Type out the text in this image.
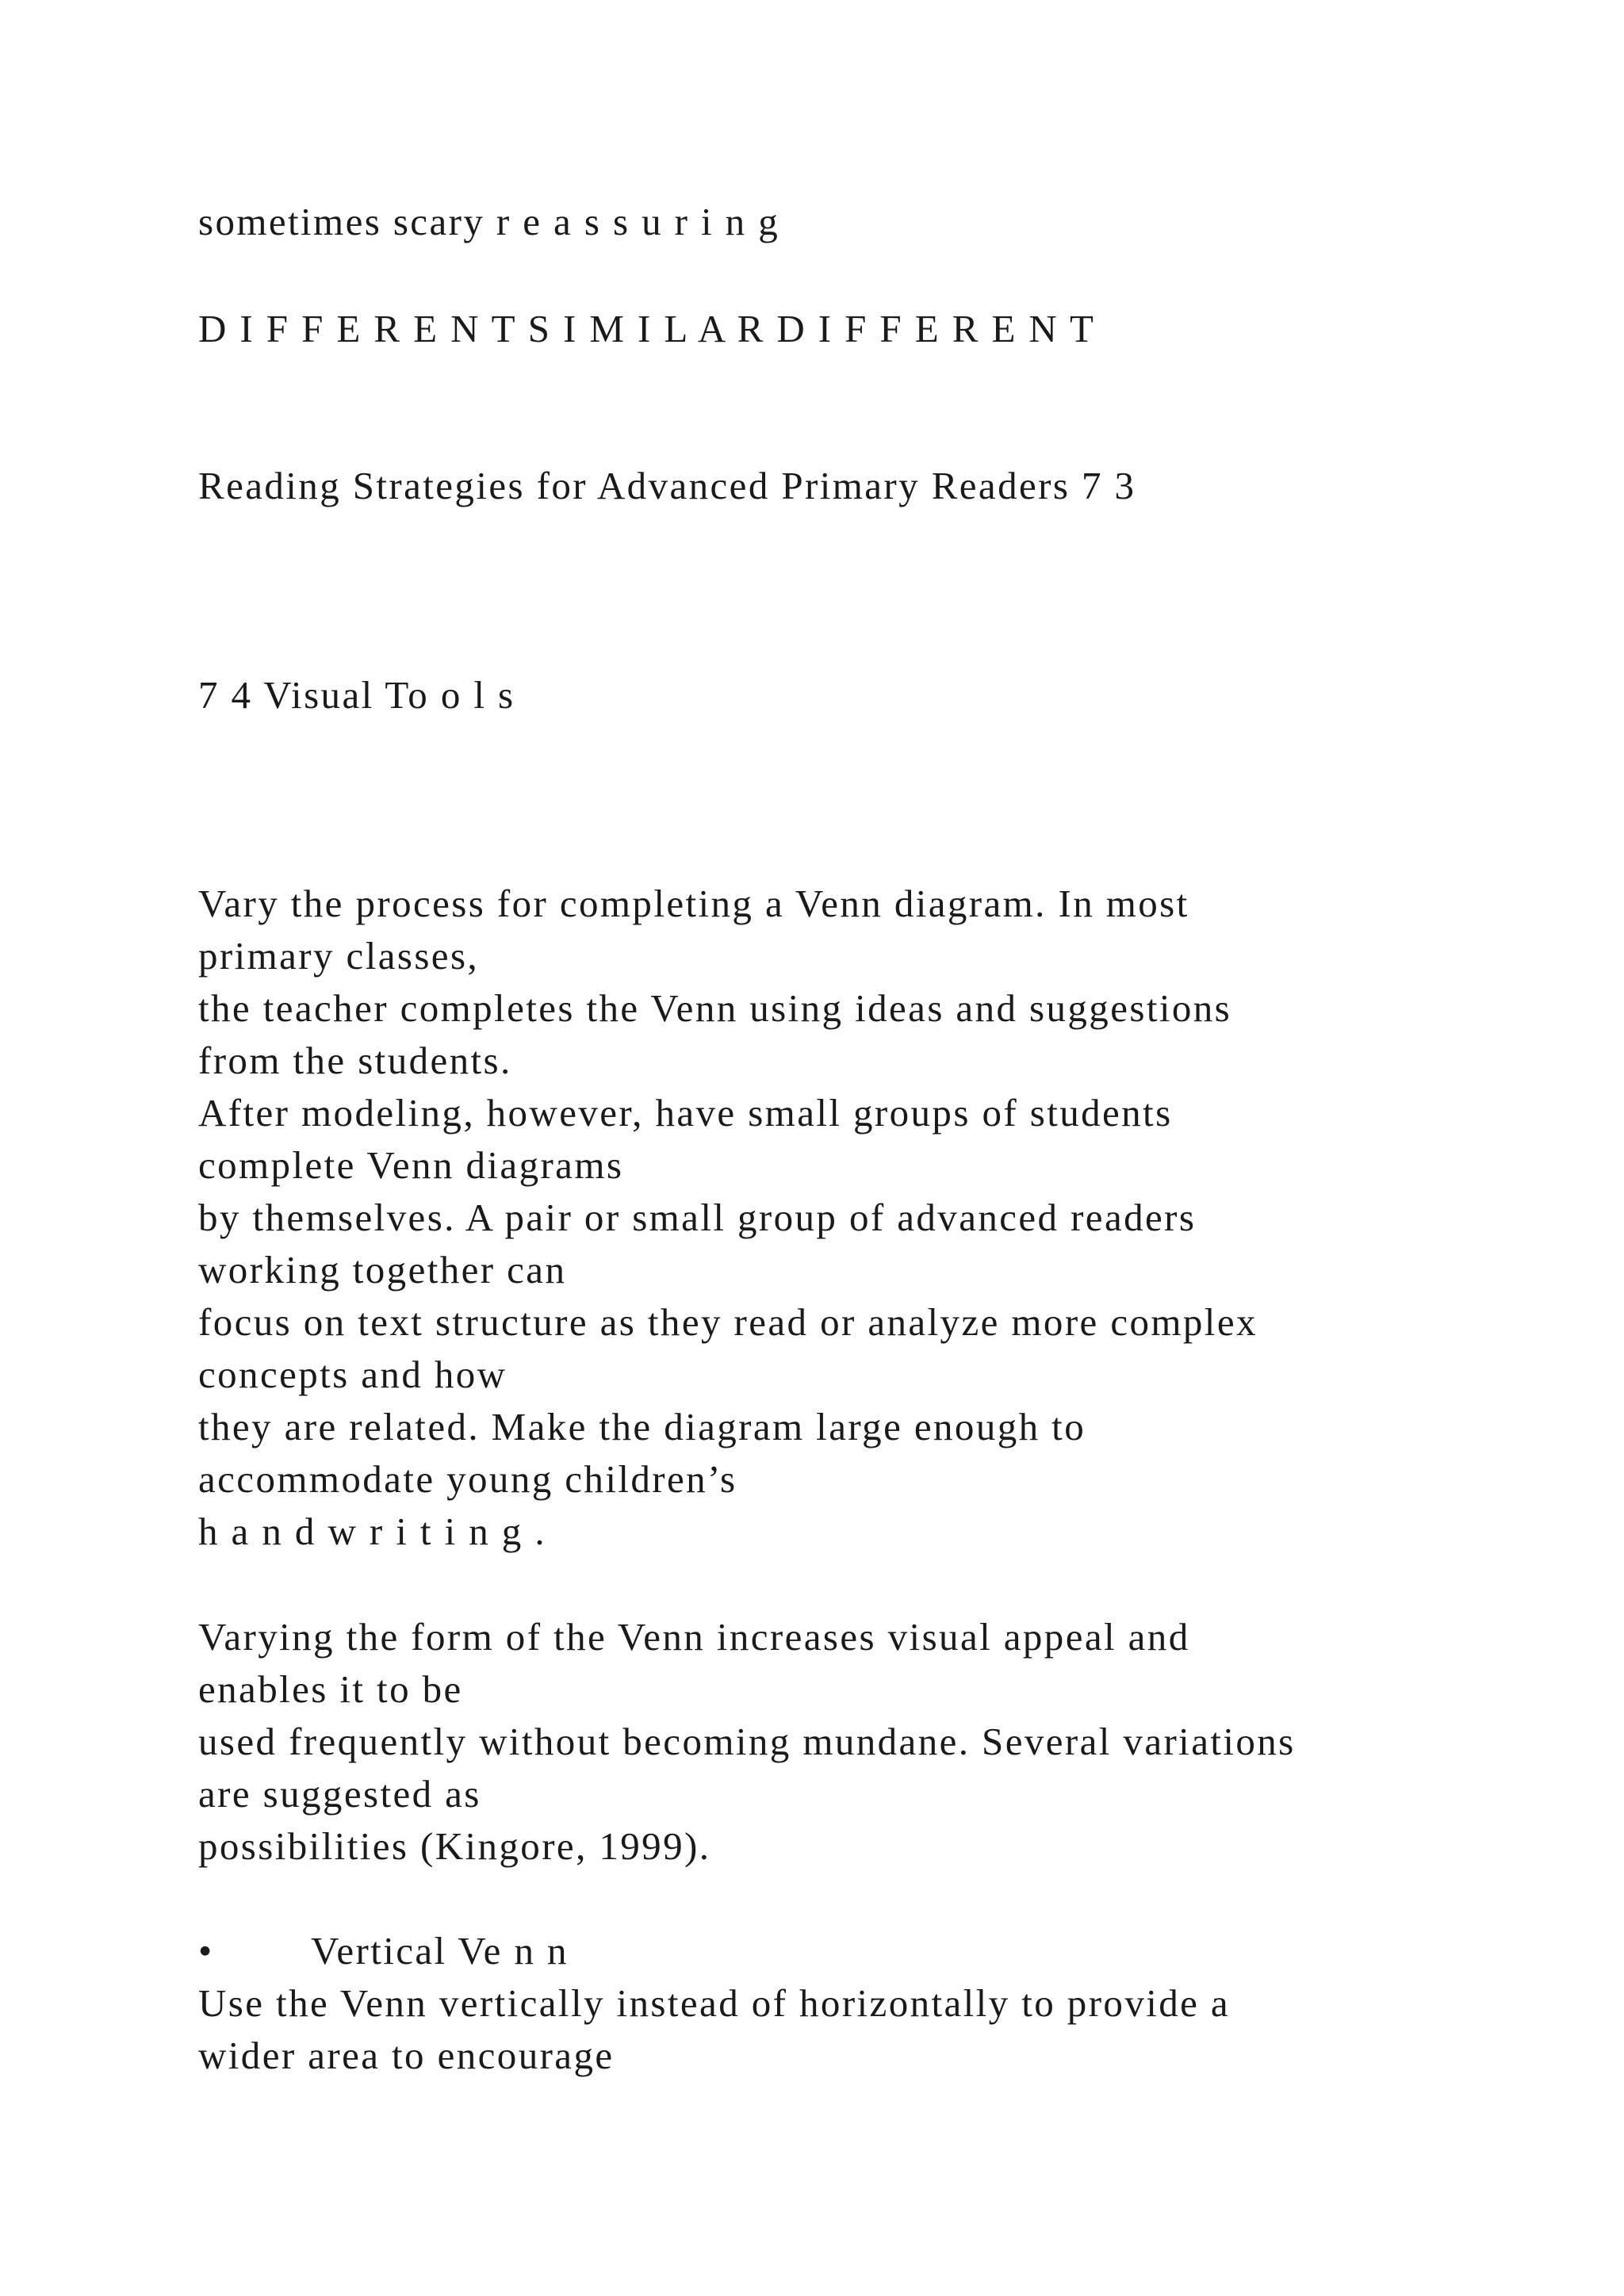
sometimes scary r e a s s u r i n g

D I F F E R E N T S I M I L A R D I F F E R E N T

Reading Strategies for Advanced Primary Readers 7 3

7 4 Visual To o l s

Vary the process for completing a Venn diagram. In most

primary classes,

the teacher completes the Venn using ideas and suggestions

from the students.

After modeling, however, have small groups of students

complete Venn diagrams

by themselves. A pair or small group of advanced readers

working together can

focus on text structure as they read or analyze more complex

concepts and how

they are related. Make the diagram large enough to

accommodate young children’s

h a n d w r i t i n g .

Varying the form of the Venn increases visual appeal and

enables it to be

used frequently without becoming mundane. Several variations

are suggested as

possibilities (Kingore, 1999).

•	Vertical Ve n n

Use the Venn vertically instead of horizontally to provide a

wider area to encourage
